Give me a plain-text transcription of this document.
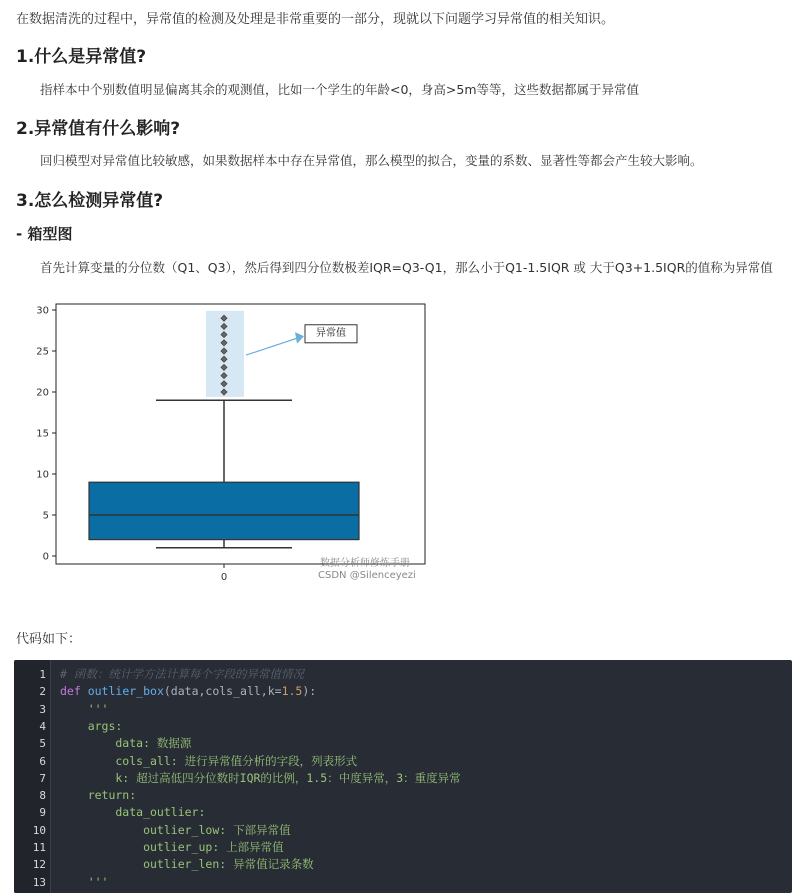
在数据清洗的过程中，异常值的检测及处理是非常重要的一部分，现就以下问题学习异常值的相关知识。
1.什么是异常值?
指样本中个别数值明显偏离其余的观测值，比如一个学生的年龄<0，身高>5m等等，这些数据都属于异常值
2.异常值有什么影响?
回归模型对异常值比较敏感，如果数据样本中存在异常值，那么模型的拟合，变量的系数、显著性等都会产生较大影响。
3.怎么检测异常值?
- 箱型图
首先计算变量的分位数（Q1、Q3），然后得到四分位数极差IQR=Q3-Q1，那么小于Q1-1.5IQR 或 大于Q3+1.5IQR的值称为异常值
0
5
10
15
20
25
30
0
异常值
数据分析师修炼手册
CSDN @Silenceyezi
代码如下：
1 # 函数：统计学方法计算每个字段的异常值情况
2 def outlier_box(data,cols_all,k=1.5):
3 '''
4 args:
5 data: 数据源
6 cols_all: 进行异常值分析的字段，列表形式
7 k: 超过高低四分位数时IQR的比例，1.5：中度异常，3：重度异常
8 return:
9 data_outlier:
10 outlier_low: 下部异常值
11 outlier_up: 上部异常值
12 outlier_len: 异常值记录条数
13 '''
